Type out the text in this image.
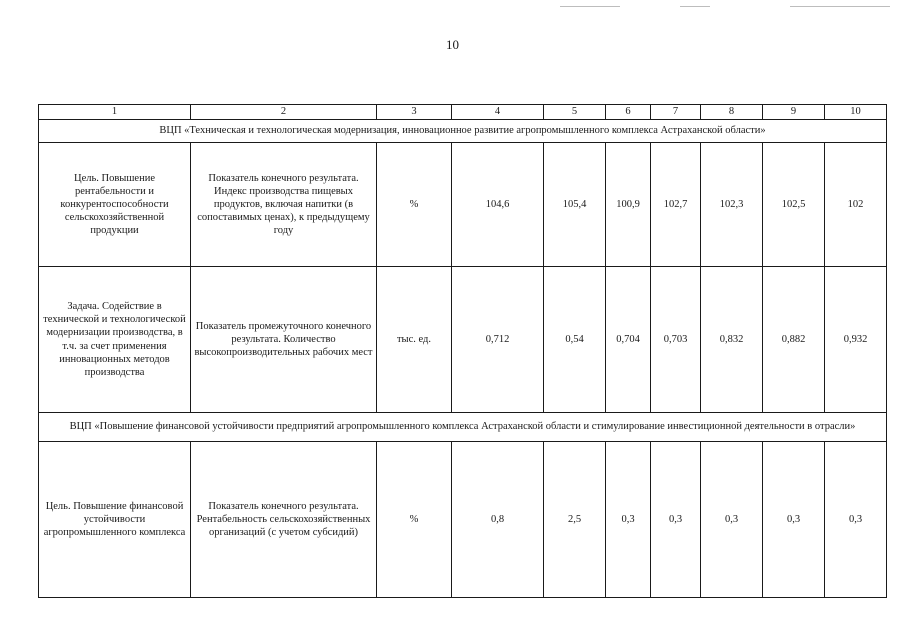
10
1	2	3	4	5	6	7	8	9	10
ВЦП «Техническая и технологическая модернизация, инновационное развитие агропромышленного комплекса Астраханской области»									
Цель. Повышение рентабельности и конкурентоспособности сельскохозяйственной продукции	Показатель конечного результата. Индекс производства пищевых продуктов, включая напитки (в сопоставимых ценах), к предыдущему году	%	104,6	105,4	100,9	102,7	102,3	102,5	102
Задача. Содействие в технической и технологической модернизации производства, в т.ч. за счет применения инновационных методов производства	Показатель промежуточного конечного результата. Количество высокопроизводительных рабочих мест	тыс. ед.	0,712	0,54	0,704	0,703	0,832	0,882	0,932
ВЦП «Повышение финансовой устойчивости предприятий агропромышленного комплекса Астраханской области и стимулирование инвестиционной деятельности в отрасли»									
Цель. Повышение финансовой устойчивости агропромышленного комплекса	Показатель конечного результата. Рентабельность сельскохозяйственных организаций (с учетом субсидий)	%	0,8	2,5	0,3	0,3	0,3	0,3	0,3
